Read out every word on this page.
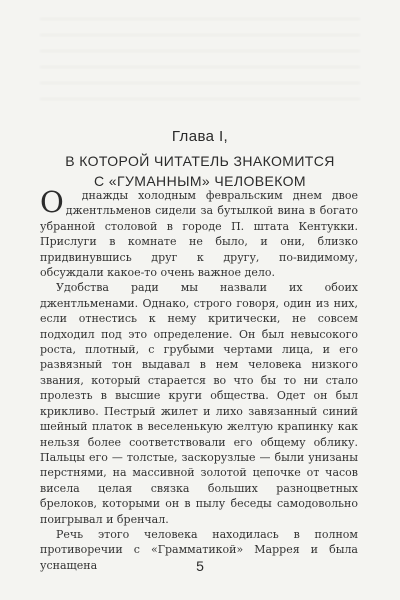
Глава I,
В КОТОРОЙ ЧИТАТЕЛЬ ЗНАКОМИТСЯ
С «ГУМАННЫМ» ЧЕЛОВЕКОМ

О днажды холодным февральским днем двое джентльменов сидели за бутылкой вина в богато убранной столовой в городе П. штата Кентукки. Прислуги в комнате не было, и они, близко придвинувшись друг к другу, по-видимому, обсуждали какое-то очень важное дело.

Удобства ради мы назвали их обоих джентльменами. Однако, строго говоря, один из них, если отнестись к нему критически, не совсем подходил под это определение. Он был невысокого роста, плотный, с грубыми чертами лица, и его развязный тон выдавал в нем человека низкого звания, который старается во что бы то ни стало пролезть в высшие круги общества. Одет он был крикливо. Пестрый жилет и лихо завязанный синий шейный платок в веселенькую желтую крапинку как нельзя более соответствовали его общему облику. Пальцы его — толстые, заскорузлые — были унизаны перстнями, на массивной золотой цепочке от часов висела целая связка больших разноцветных брелоков, которыми он в пылу беседы самодовольно поигрывал и бренчал.

Речь этого человека находилась в полном противоречии с «Грамматикой» Маррея и была уснащена	5
